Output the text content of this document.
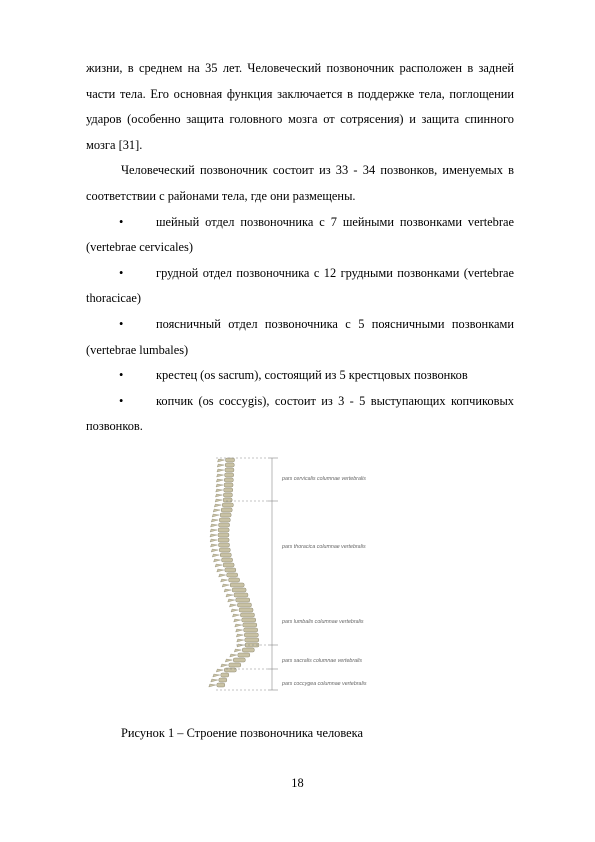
жизни, в среднем на 35 лет. Человеческий позвоночник расположен в задней части тела. Его основная функция заключается в поддержке тела, поглощении ударов (особенно защита головного мозга от сотрясения) и защита спинного мозга [31].

Человеческий позвоночник состоит из 33 - 34 позвонков, именуемых в соответствии с районами тела, где они размещены.

•	шейный отдел позвоночника с 7 шейными позвонками vertebrae (vertebrae cervicales)

•	грудной отдел позвоночника с 12 грудными позвонками (vertebrae thoracicae)

•	поясничный отдел позвоночника с 5 поясничными позвонками (vertebrae lumbales)

•	крестец (os sacrum), состоящий из 5 крестцовых позвонков

•	копчик (os coccygis), состоит из 3 - 5 выступающих копчиковых позвонков.

pars cervicalis columnae vertebralis
pars thoracica columnae vertebralis
pars lumbalis columnae vertebralis
pars sacralis columnae vertebralis
pars coccygea columnae vertebralis
Рисунок 1 – Строение позвоночника человека
18
